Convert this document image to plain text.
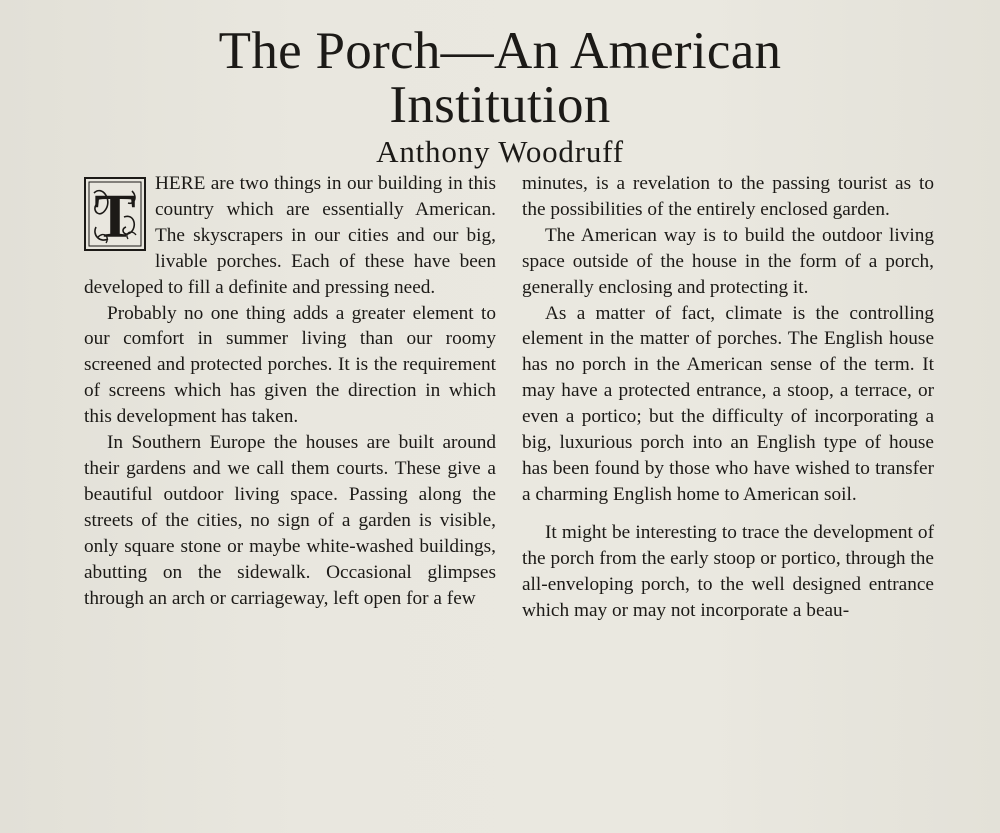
The Porch—An American
Institution
Anthony Woodruff

T HERE are two things in our building in this country which are essentially American. The skyscrapers in our cities and our big, livable porches. Each of these have been developed to fill a definite and pressing need.

Probably no one thing adds a greater element to our comfort in summer living than our roomy screened and protected porches. It is the requirement of screens which has given the direction in which this development has taken.

In Southern Europe the houses are built around their gardens and we call them courts. These give a beautiful outdoor living space. Passing along the streets of the cities, no sign of a garden is visible, only square stone or maybe white-washed buildings, abutting on the sidewalk. Occasional glimpses through an arch or carriageway, left open for a few

minutes, is a revelation to the passing tourist as to the possibilities of the entirely enclosed garden.

The American way is to build the outdoor living space outside of the house in the form of a porch, generally enclosing and protecting it.

As a matter of fact, climate is the controlling element in the matter of porches. The English house has no porch in the American sense of the term. It may have a protected entrance, a stoop, a terrace, or even a portico; but the difficulty of incorporating a big, luxurious porch into an English type of house has been found by those who have wished to transfer a charming English home to American soil.

It might be interesting to trace the development of the porch from the early stoop or portico, through the all-enveloping porch, to the well designed entrance which may or may not incorporate a beau-
